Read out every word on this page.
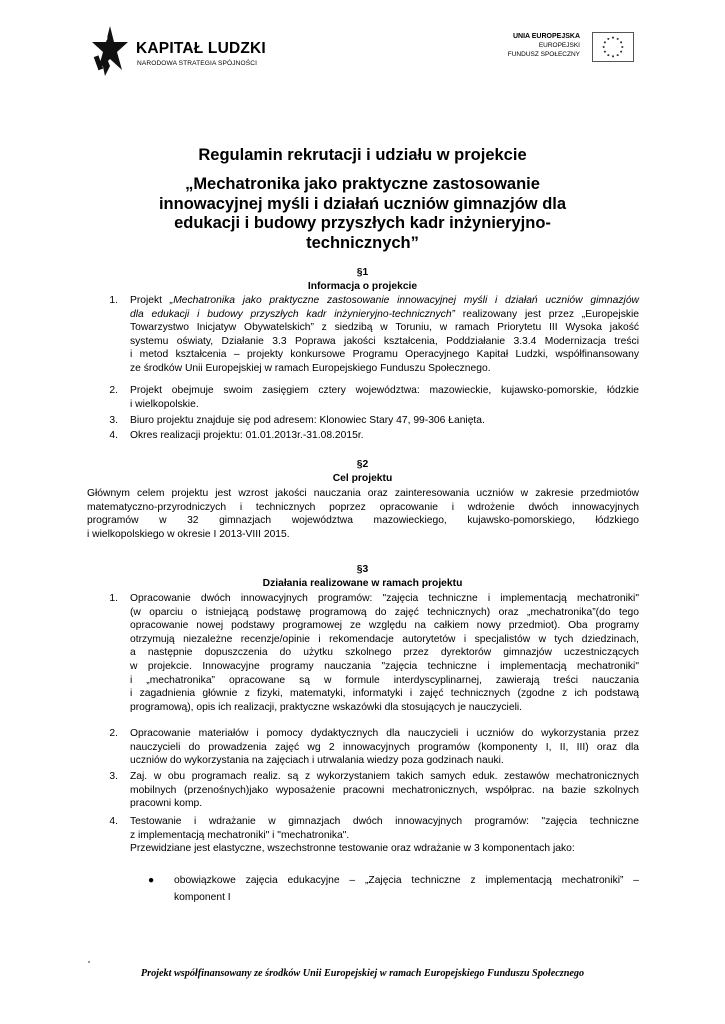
KAPITAŁ LUDZKI
NARODOWA STRATEGIA SPÓJNOŚCI
UNIA EUROPEJSKA
EUROPEJSKI
FUNDUSZ SPOŁECZNY
Regulamin rekrutacji i udziału w projekcie
„Mechatronika jako praktyczne zastosowanie innowacyjnej myśli i działań uczniów gimnazjów dla edukacji i budowy przyszłych kadr inżynieryjno-technicznych”
§1
Informacja o projekcie
1. Projekt „Mechatronika jako praktyczne zastosowanie innowacyjnej myśli i działań uczniów gimnazjów
dla edukacji i budowy przyszłych kadr inżynieryjno-technicznych” realizowany jest przez „Europejskie
Towarzystwo Inicjatyw Obywatelskich” z siedzibą w Toruniu, w ramach Priorytetu III Wysoka jakość
systemu oświaty, Działanie 3.3 Poprawa jakości kształcenia, Poddziałanie 3.3.4 Modernizacja treści
i metod kształcenia – projekty konkursowe Programu Operacyjnego Kapitał Ludzki, współfinansowany
ze środków Unii Europejskiej w ramach Europejskiego Funduszu Społecznego.
2. Projekt obejmuje swoim zasięgiem cztery województwa: mazowieckie, kujawsko-pomorskie, łódzkie
i wielkopolskie.
3. Biuro projektu znajduje się pod adresem: Klonowiec Stary 47, 99-306 Łanięta.
4. Okres realizacji projektu: 01.01.2013r.-31.08.2015r.
§2
Cel projektu
Głównym celem projektu jest wzrost jakości nauczania oraz zainteresowania uczniów w zakresie przedmiotów
matematyczno-przyrodniczych i technicznych poprzez opracowanie i wdrożenie dwóch innowacyjnych
programów w 32 gimnazjach województwa mazowieckiego, kujawsko-pomorskiego, łódzkiego
i wielkopolskiego w okresie I 2013-VIII 2015.
§3
Działania realizowane w ramach projektu
1. Opracowanie dwóch innowacyjnych programów: "zajęcia techniczne i implementacją mechatroniki"
(w oparciu o istniejącą podstawę programową do zajęć technicznych) oraz „mechatronika”(do tego
opracowanie nowej podstawy programowej ze względu na całkiem nowy przedmiot). Oba programy
otrzymują niezależne recenzje/opinie i rekomendacje autorytetów i specjalistów w tych dziedzinach,
a następnie dopuszczenia do użytku szkolnego przez dyrektorów gimnazjów uczestniczących
w projekcie. Innowacyjne programy nauczania "zajęcia techniczne i implementacją mechatroniki"
i „mechatronika” opracowane są w formule interdyscyplinarnej, zawierają treści nauczania
i zagadnienia głównie z fizyki, matematyki, informatyki i zajęć technicznych (zgodne z ich podstawą
programową), opis ich realizacji, praktyczne wskazówki dla stosujących je nauczycieli.
2. Opracowanie materiałów i pomocy dydaktycznych dla nauczycieli i uczniów do wykorzystania przez
nauczycieli do prowadzenia zajęć wg 2 innowacyjnych programów (komponenty I, II, III) oraz dla
uczniów do wykorzystania na zajęciach i utrwalania wiedzy poza godzinach nauki.
3. Zaj. w obu programach realiz. są z wykorzystaniem takich samych eduk. zestawów mechatronicznych
mobilnych (przenośnych)jako wyposażenie pracowni mechatronicznych, współprac. na bazie szkolnych
pracowni komp.
4. Testowanie i wdrażanie w gimnazjach dwóch innowacyjnych programów: "zajęcia techniczne
z implementacją mechatroniki" i "mechatronika".
Przewidziane jest elastyczne, wszechstronne testowanie oraz wdrażanie w 3 komponentach jako:
● obowiązkowe zajęcia edukacyjne – „Zajęcia techniczne z implementacją mechatroniki” –
komponent I
Projekt współfinansowany ze środków Unii Europejskiej w ramach Europejskiego Funduszu Społecznego
